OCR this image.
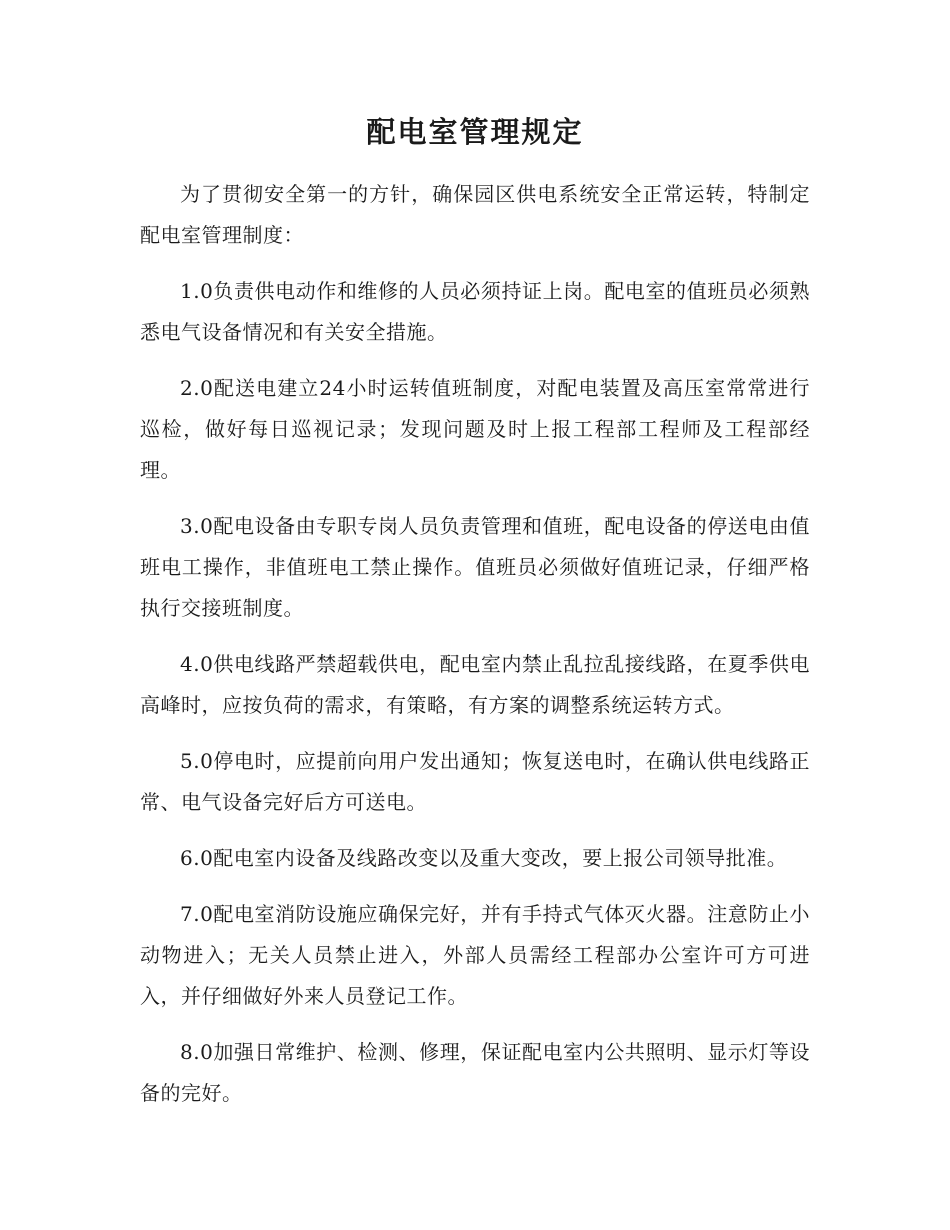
配电室管理规定

为了贯彻安全第一的方针，确保园区供电系统安全正常运转，特制定配电室管理制度：

1.0负责供电动作和维修的人员必须持证上岗。配电室的值班员必须熟悉电气设备情况和有关安全措施。

2.0配送电建立24小时运转值班制度，对配电装置及高压室常常进行巡检，做好每日巡视记录；发现问题及时上报工程部工程师及工程部经理。

3.0配电设备由专职专岗人员负责管理和值班，配电设备的停送电由值班电工操作，非值班电工禁止操作。值班员必须做好值班记录，仔细严格执行交接班制度。

4.0供电线路严禁超载供电，配电室内禁止乱拉乱接线路，在夏季供电高峰时，应按负荷的需求，有策略，有方案的调整系统运转方式。

5.0停电时，应提前向用户发出通知；恢复送电时，在确认供电线路正常、电气设备完好后方可送电。

6.0配电室内设备及线路改变以及重大变改，要上报公司领导批准。

7.0配电室消防设施应确保完好，并有手持式气体灭火器。注意防止小动物进入；无关人员禁止进入，外部人员需经工程部办公室许可方可进入，并仔细做好外来人员登记工作。

8.0加强日常维护、检测、修理，保证配电室内公共照明、显示灯等设备的完好。
